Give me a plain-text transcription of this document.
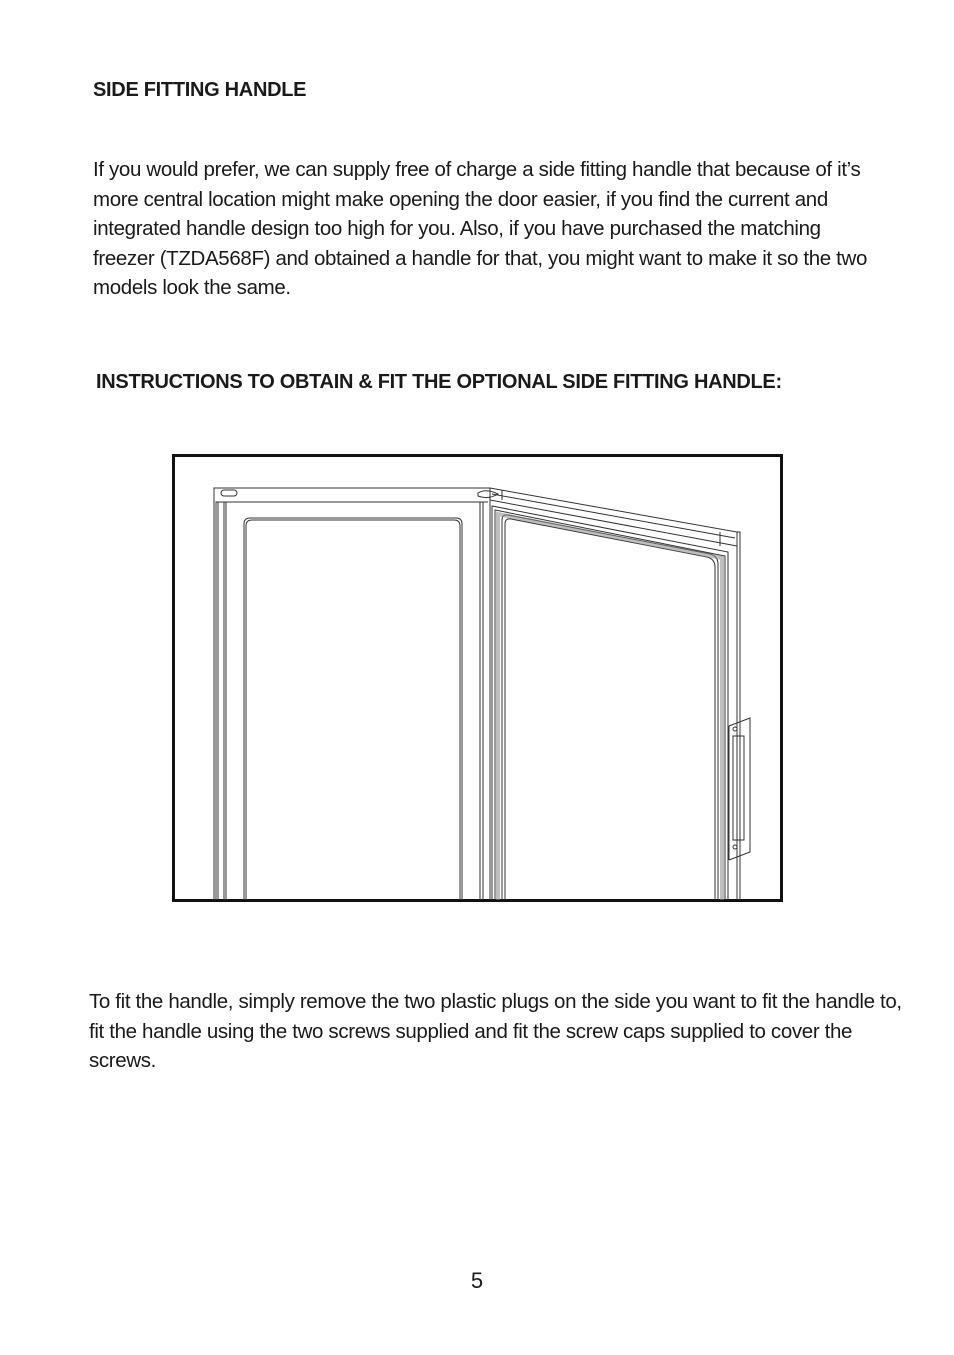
SIDE FITTING HANDLE
If you would prefer, we can supply free of charge a side fitting handle that because of it’s more central location might make opening the door easier, if you find the current and integrated handle design too high for you. Also, if you have purchased the matching freezer (TZDA568F) and obtained a handle for that, you might want to make it so the two models look the same.
INSTRUCTIONS TO OBTAIN & FIT THE OPTIONAL SIDE FITTING HANDLE:
To fit the handle, simply remove the two plastic plugs on the side you want to fit the handle to, fit the handle using the two screws supplied and fit the screw caps supplied to cover the screws.
5
